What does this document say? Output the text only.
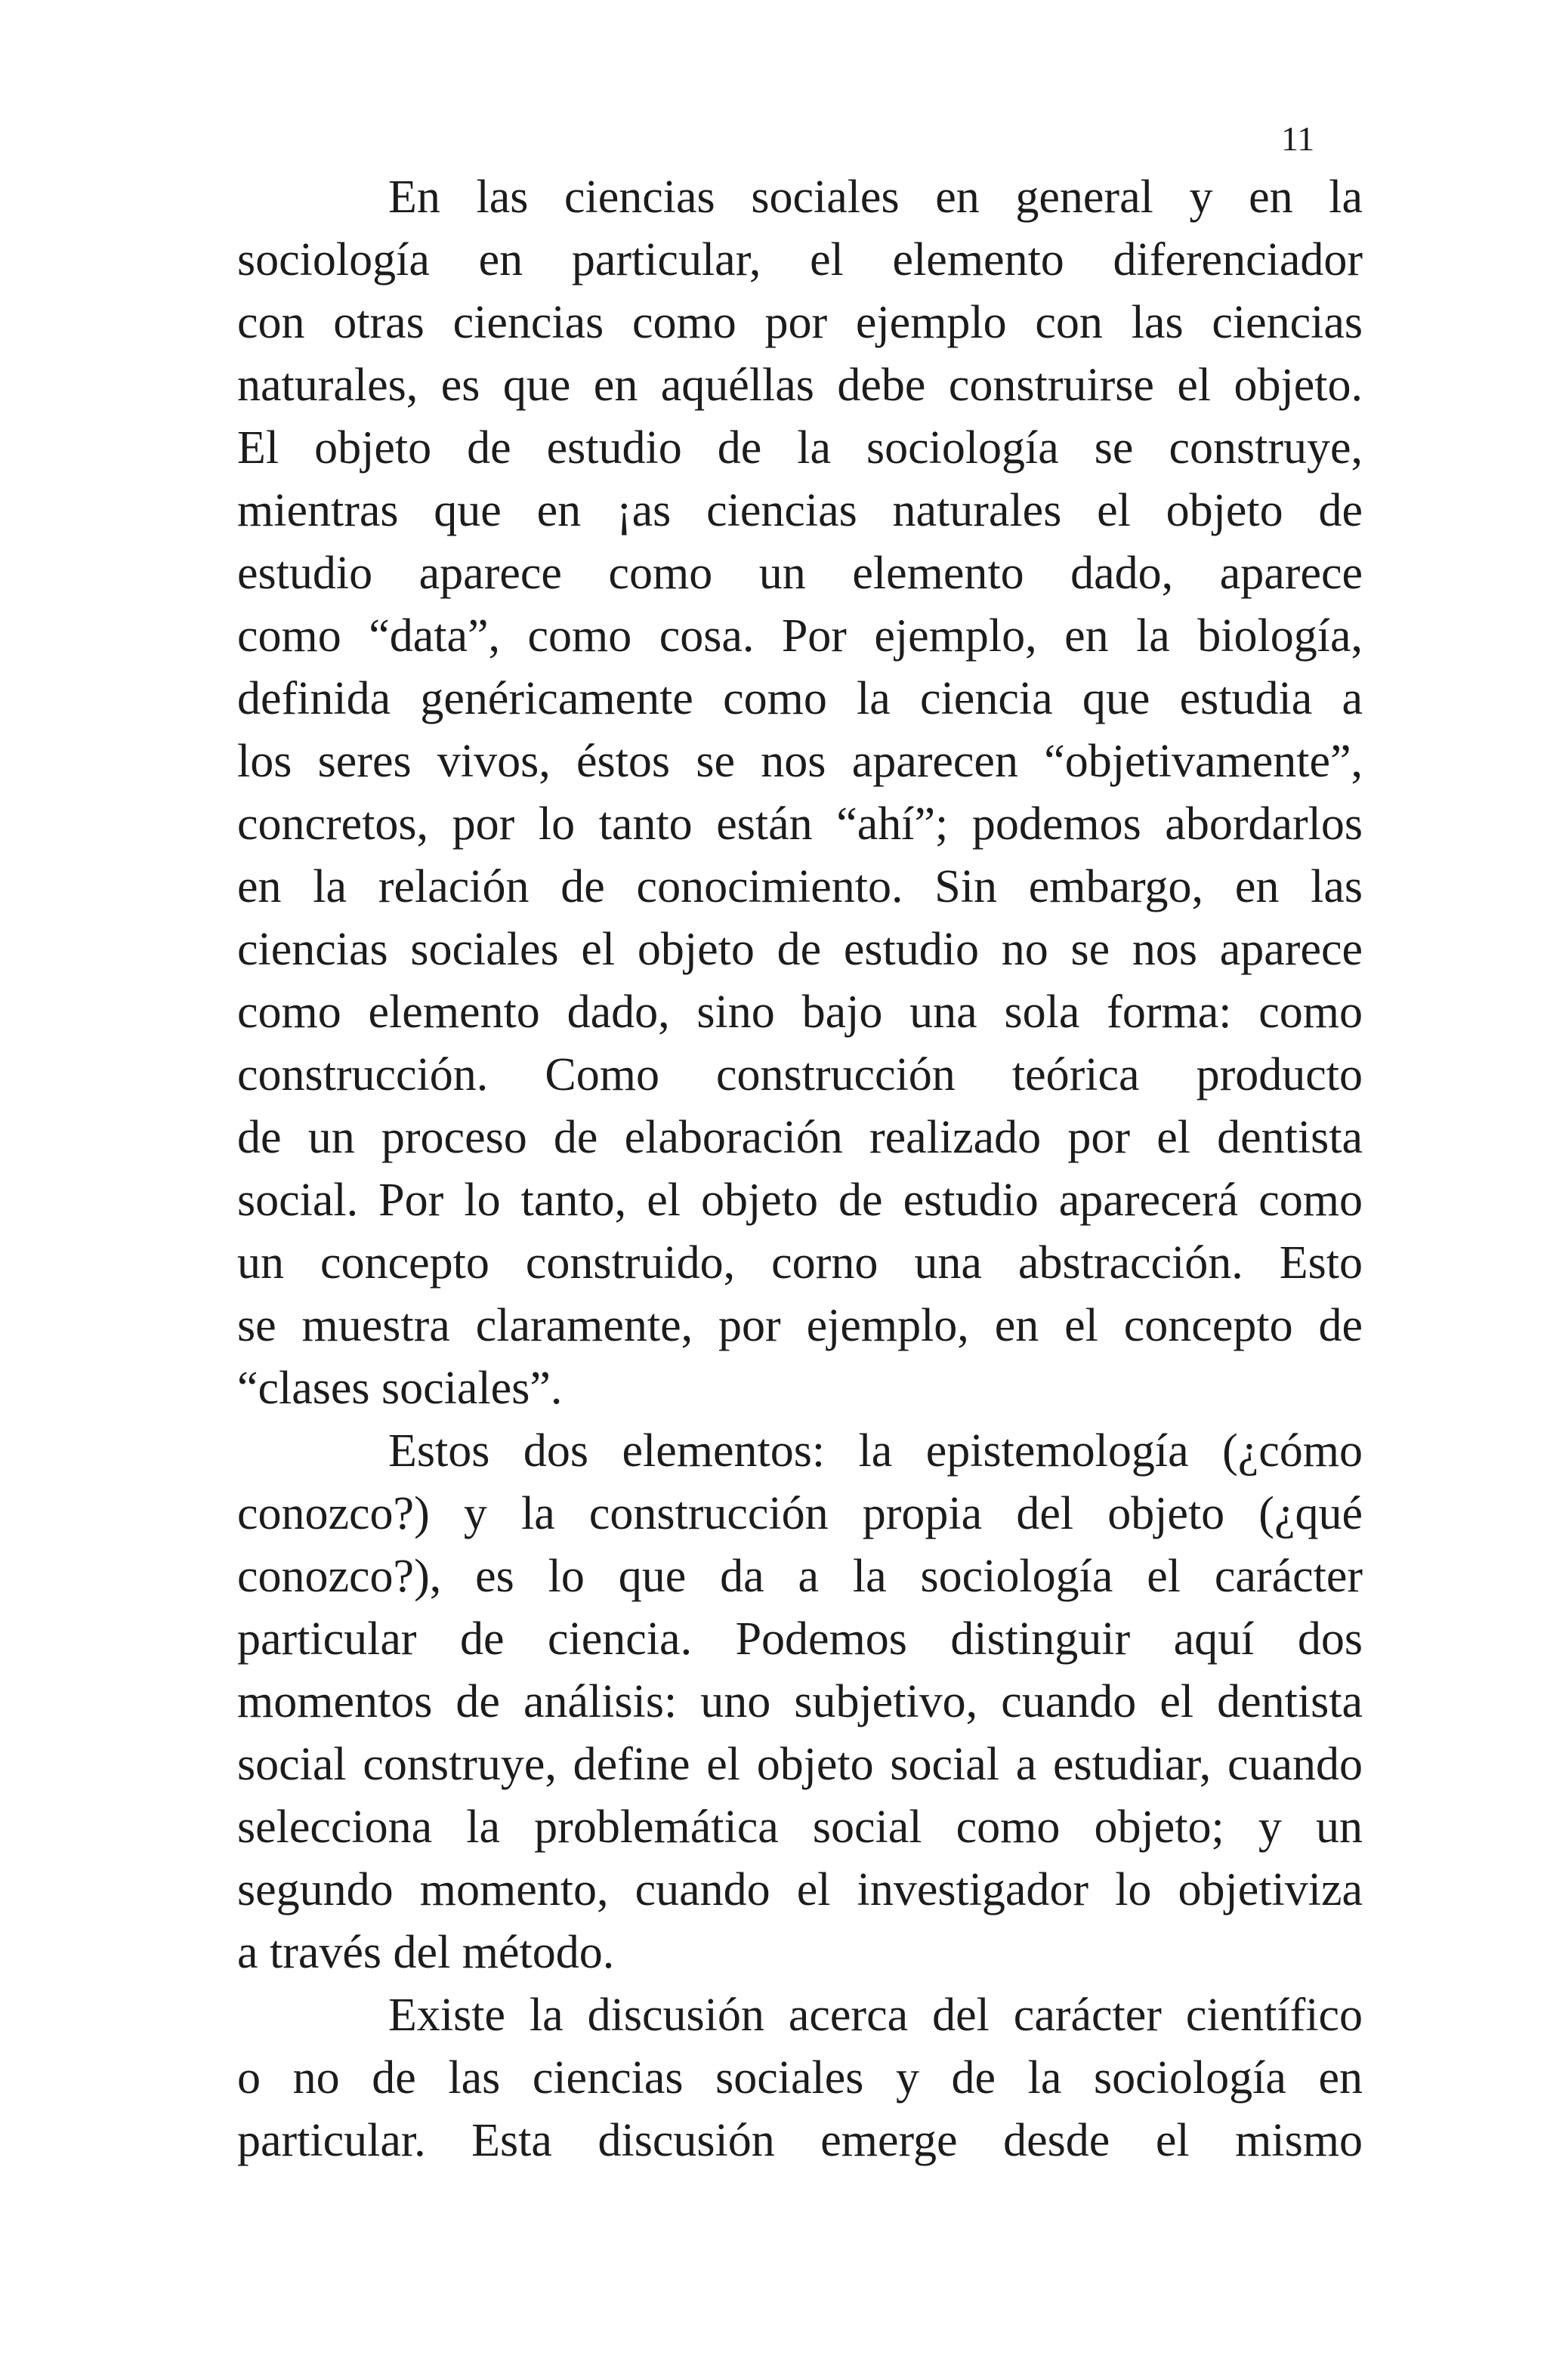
11
En las ciencias sociales en general y en la
sociología en particular, el elemento diferenciador
con otras ciencias como por ejemplo con las ciencias
naturales, es que en aquéllas debe construirse el objeto.
El objeto de estudio de la sociología se construye,
mientras que en ¡as ciencias naturales el objeto de
estudio aparece como un elemento dado, aparece
como “data”, como cosa. Por ejemplo, en la biología,
definida genéricamente como la ciencia que estudia a
los seres vivos, éstos se nos aparecen “objetivamente”,
concretos, por lo tanto están “ahí”; podemos abordarlos
en la relación de conocimiento. Sin embargo, en las
ciencias sociales el objeto de estudio no se nos aparece
como elemento dado, sino bajo una sola forma: como
construcción. Como construcción teórica producto
de un proceso de elaboración realizado por el dentista
social. Por lo tanto, el objeto de estudio aparecerá como
un concepto construido, corno una abstracción. Esto
se muestra claramente, por ejemplo, en el concepto de
“clases sociales”.
Estos dos elementos: la epistemología (¿cómo
conozco?) y la construcción propia del objeto (¿qué
conozco?), es lo que da a la sociología el carácter
particular de ciencia. Podemos distinguir aquí dos
momentos de análisis: uno subjetivo, cuando el dentista
social construye, define el objeto social a estudiar, cuando
selecciona la problemática social como objeto; y un
segundo momento, cuando el investigador lo objetiviza
a través del método.
Existe la discusión acerca del carácter científico
o no de las ciencias sociales y de la sociología en
particular. Esta discusión emerge desde el mismo
